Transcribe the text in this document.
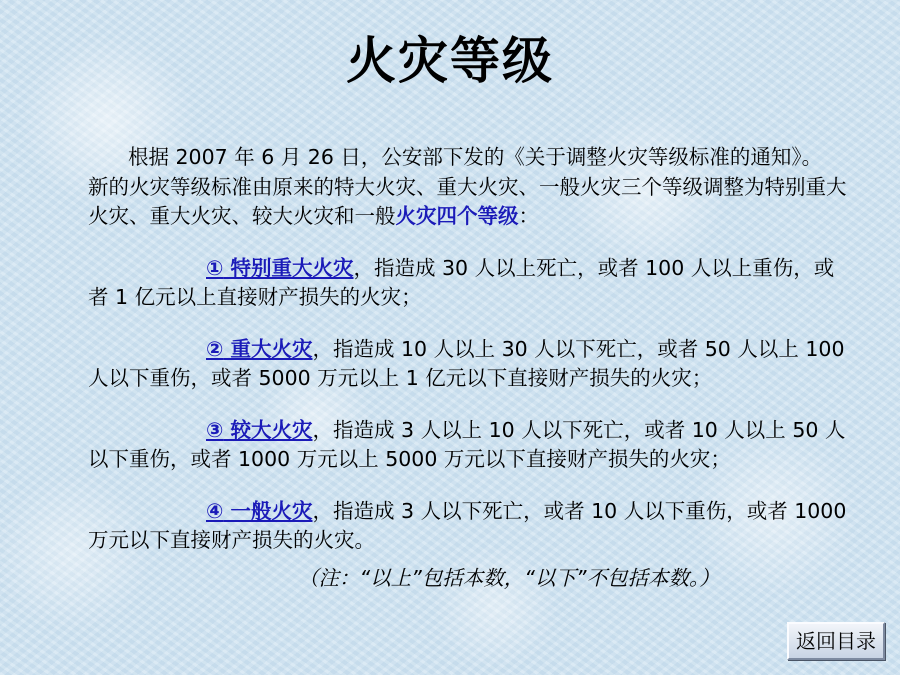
火灾等级

根据 2007 年 6 月 26 日，公安部下发的《关于调整火灾等级标准的通知》。 新的火灾等级标准由原来的特大火灾、重大火灾、一般火灾三个等级调整为特别重大火灾、重大火灾、较大火灾和一般火灾四个等级：

① 特别重大火灾，指造成 30 人以上死亡，或者 100 人以上重伤，或者 1 亿元以上直接财产损失的火灾；

② 重大火灾，指造成 10 人以上 30 人以下死亡，或者 50 人以上 100 人以下重伤，或者 5000 万元以上 1 亿元以下直接财产损失的火灾；

③ 较大火灾，指造成 3 人以上 10 人以下死亡，或者 10 人以上 50 人以下重伤，或者 1000 万元以上 5000 万元以下直接财产损失的火灾；

④ 一般火灾，指造成 3 人以下死亡，或者 10 人以下重伤，或者 1000 万元以下直接财产损失的火灾。

（注：“以上”包括本数，“以下”不包括本数。）

返回目录
